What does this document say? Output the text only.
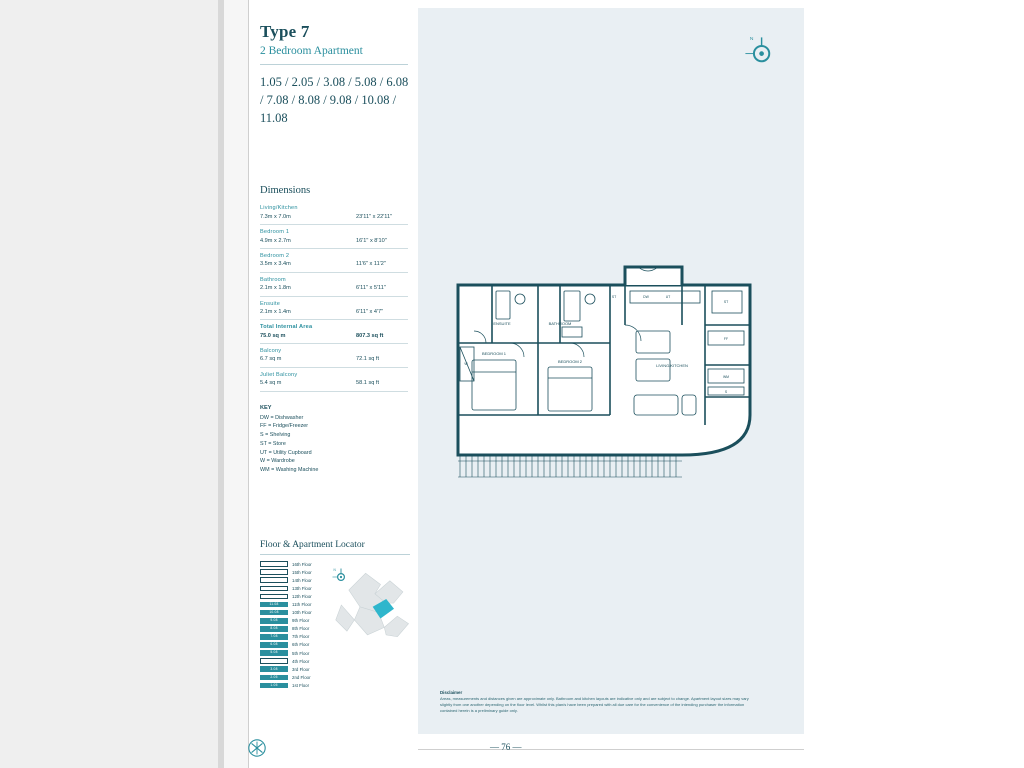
N
Type 7
2 Bedroom Apartment
1.05 / 2.05 / 3.08 / 5.08 / 6.08 / 7.08 / 8.08 / 9.08 / 10.08 / 11.08
Dimensions
Living/Kitchen
7.3m x 7.0m	23'11" x 22'11"

Bedroom 1
4.9m x 2.7m	16'1" x 8'10"

Bedroom 2
3.5m x 3.4m	11'6" x 11'2"

Bathroom
2.1m x 1.8m	6'11" x 5'11"

Ensuite
2.1m x 1.4m	6'11" x 4'7"

Total Internal Area
75.0 sq m	807.3 sq ft

Balcony
6.7 sq m	72.1 sq ft

Juliet Balcony
5.4 sq m	58.1 sq ft
KEY
DW = Dishwasher
FF = Fridge/Freezer
S = Shelving
ST = Store
UT = Utility Cupboard
W = Wardrobe
WM = Washing Machine
Floor & Apartment Locator
16th Floor
15th Floor
14th Floor
13th Floor
12th Floor
11.08	11th Floor
10.08	10th Floor
9.08	9th Floor
8.08	8th Floor
7.08	7th Floor
6.08	6th Floor
5.08	5th Floor
4th Floor
3.08	3rd Floor
2.05	2nd Floor
1.05	1st Floor
N
ENSUITE	BATHROOM
BEDROOM 1
BEDROOM 2
LIVING/KITCHEN
ST	DW	UT
ST
FF
WM
S
W
Disclaimer
Areas, measurements and distances given are approximate only. Bathroom and kitchen layouts are indicative only and are subject to change. Apartment layout sizes may vary slightly from one another depending on the floor level. Whilst this plan/s have been prepared with all due care for the convenience of the intending purchaser the information contained herein is a preliminary guide only.
— 76 —
